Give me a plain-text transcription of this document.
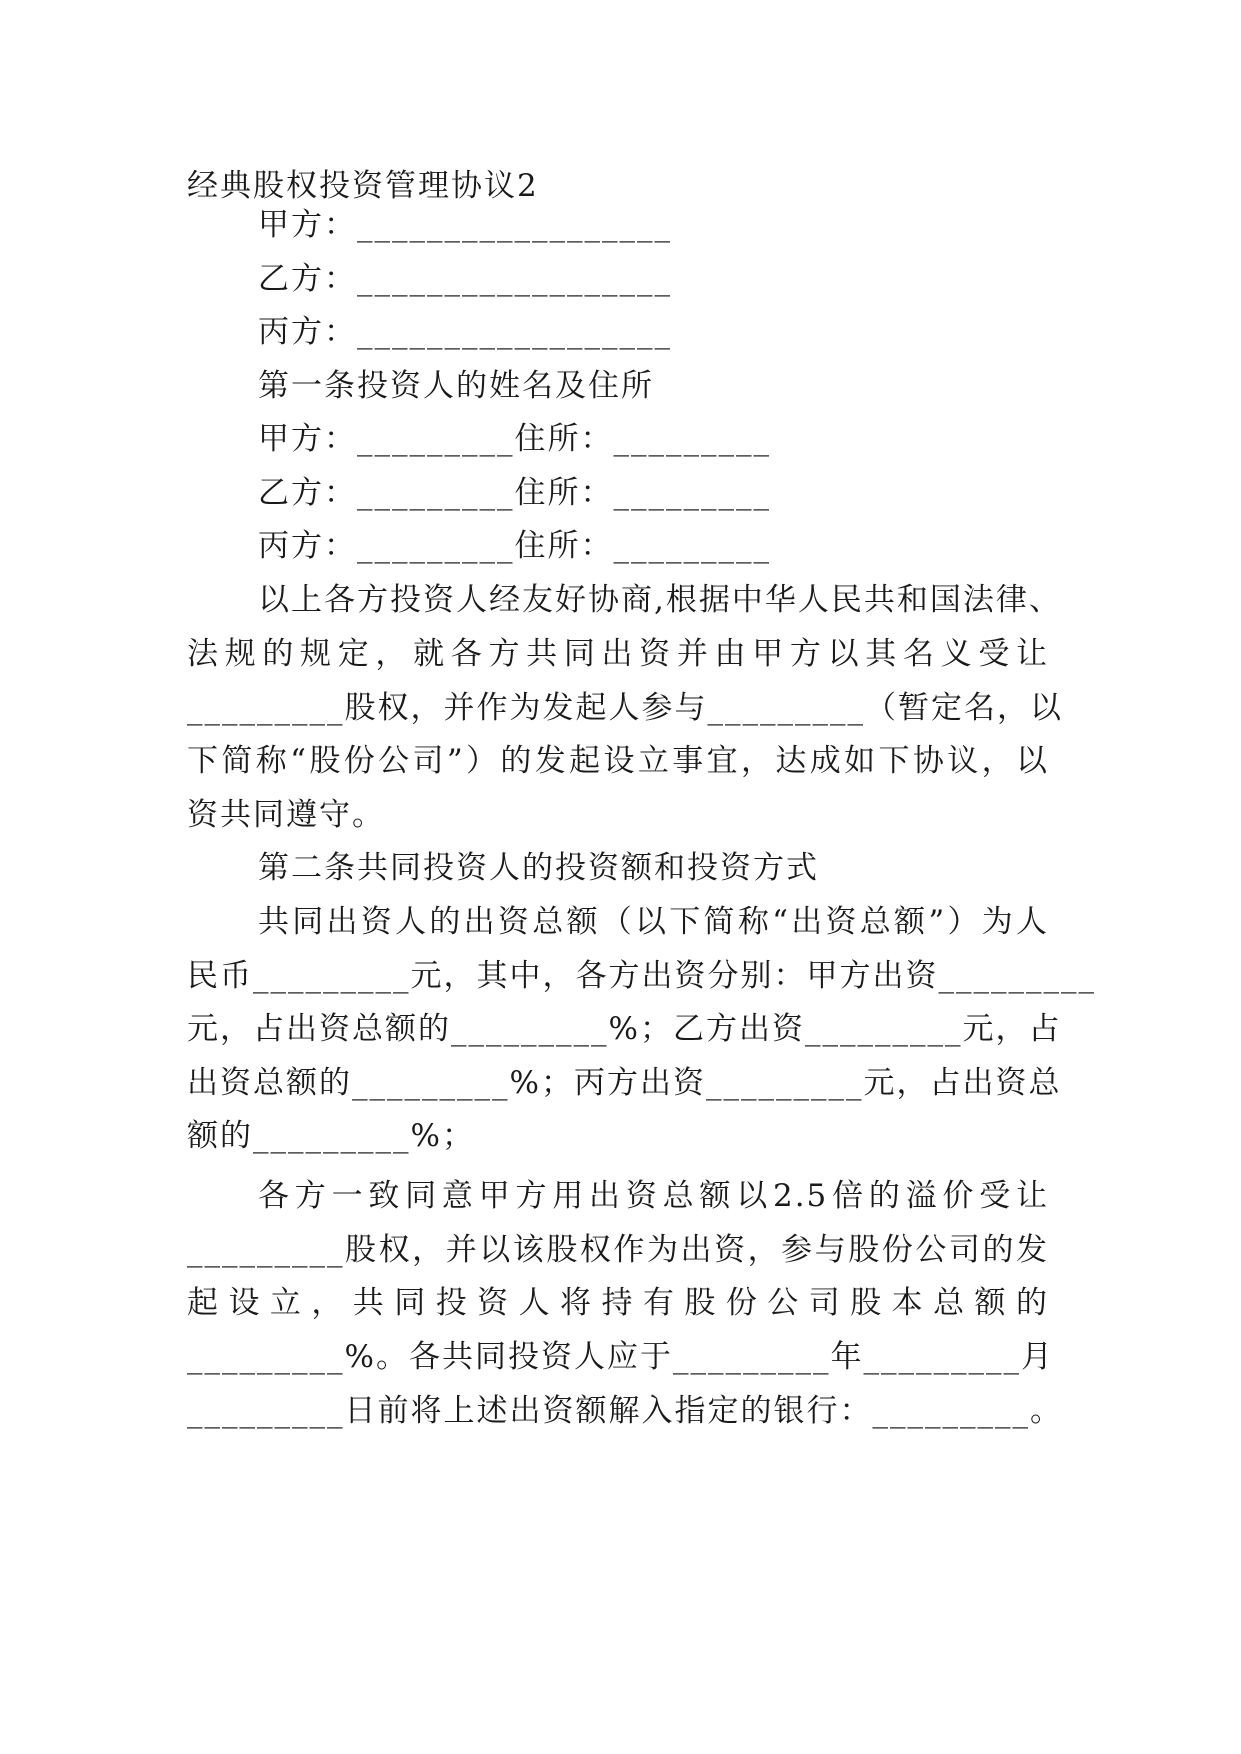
经典股权投资管理协议2
甲方：__________________
乙方：__________________
丙方：__________________
第一条投资人的姓名及住所
甲方：_________住所：_________
乙方：_________住所：_________
丙方：_________住所：_________
以上各方投资人经友好协商,根据中华人民共和国法律、
法规的规定，就各方共同出资并由甲方以其名义受让
_________股权，并作为发起人参与_________（暂定名，以
下简称“股份公司”）的发起设立事宜，达成如下协议，以
资共同遵守。
第二条共同投资人的投资额和投资方式
共同出资人的出资总额（以下简称“出资总额”）为人
民币_________元，其中，各方出资分别：甲方出资_________
元，占出资总额的_________%；乙方出资_________元，占
出资总额的_________%；丙方出资_________元，占出资总
额的_________%；
各方一致同意甲方用出资总额以2.5倍的溢价受让
_________股权，并以该股权作为出资，参与股份公司的发
起设立，共同投资人将持有股份公司股本总额的
_________%。各共同投资人应于_________年_________月
_________日前将上述出资额解入指定的银行：_________。
